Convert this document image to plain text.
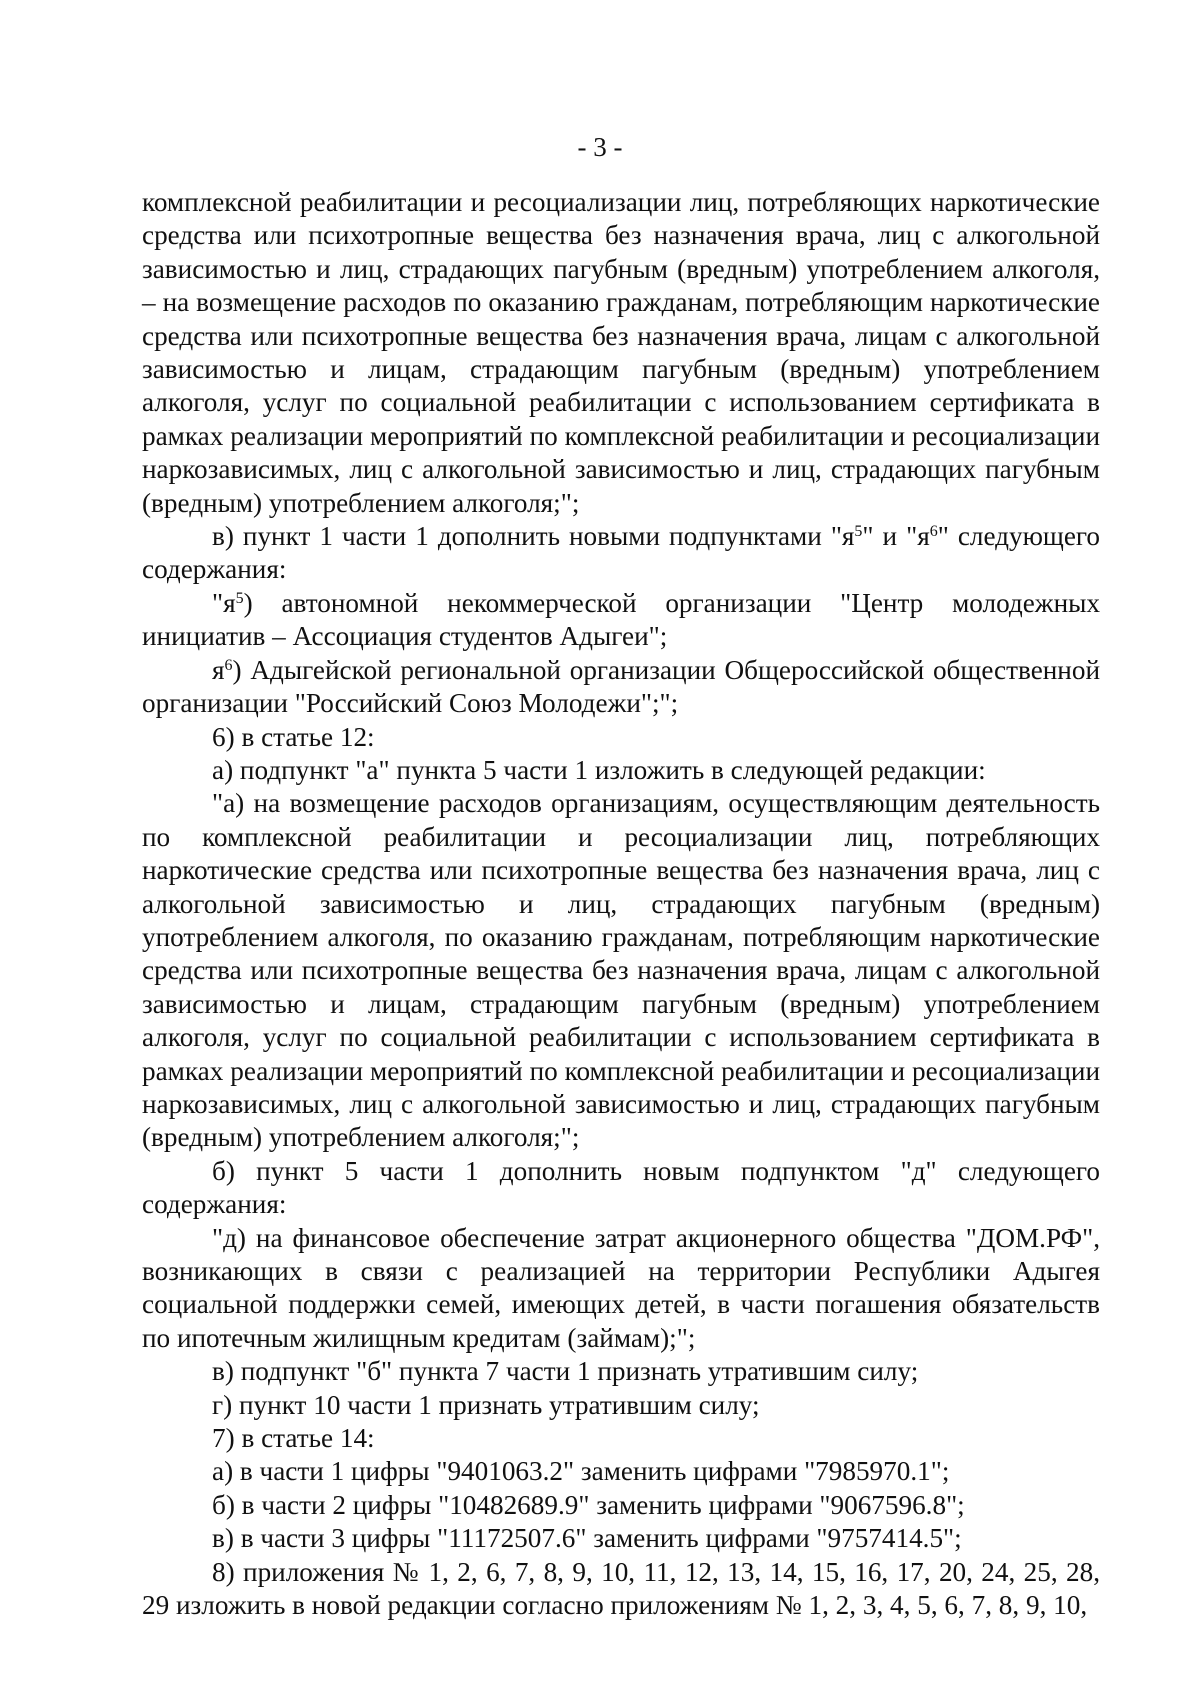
- 3 -

комплексной реабилитации и ресоциализации лиц, потребляющих наркотические средства или психотропные вещества без назначения врача, лиц с алкогольной зависимостью и лиц, страдающих пагубным (вредным) употреблением алкоголя, – на возмещение расходов по оказанию гражданам, потребляющим наркотические средства или психотропные вещества без назначения врача, лицам с алкогольной зависимостью и лицам, страдающим пагубным (вредным) употреблением алкоголя, услуг по социальной реабилитации с использованием сертификата в рамках реализации мероприятий по комплексной реабилитации и ресоциализации наркозависимых, лиц с алкогольной зависимостью и лиц, страдающих пагубным (вредным) употреблением алкоголя;";

в) пункт 1 части 1 дополнить новыми подпунктами "$я^5$" и "$я^6$" следующего содержания:

"$я^5$) автономной некоммерческой организации "Центр молодежных инициатив – Ассоциация студентов Адыгеи";

$я^6$) Адыгейской региональной организации Общероссийской общественной организации "Российский Союз Молодежи";";

6) в статье 12:

а) подпункт "а" пункта 5 части 1 изложить в следующей редакции:

"а) на возмещение расходов организациям, осуществляющим деятельность по комплексной реабилитации и ресоциализации лиц, потребляющих наркотические средства или психотропные вещества без назначения врача, лиц с алкогольной зависимостью и лиц, страдающих пагубным (вредным) употреблением алкоголя, по оказанию гражданам, потребляющим наркотические средства или психотропные вещества без назначения врача, лицам с алкогольной зависимостью и лицам, страдающим пагубным (вредным) употреблением алкоголя, услуг по социальной реабилитации с использованием сертификата в рамках реализации мероприятий по комплексной реабилитации и ресоциализации наркозависимых, лиц с алкогольной зависимостью и лиц, страдающих пагубным (вредным) употреблением алкоголя;";

б) пункт 5 части 1 дополнить новым подпунктом "д" следующего содержания:

"д) на финансовое обеспечение затрат акционерного общества "ДОМ.РФ", возникающих в связи с реализацией на территории Республики Адыгея социальной поддержки семей, имеющих детей, в части погашения обязательств по ипотечным жилищным кредитам (займам);";

в) подпункт "б" пункта 7 части 1 признать утратившим силу;

г) пункт 10 части 1 признать утратившим силу;

7) в статье 14:

а) в части 1 цифры "9401063.2" заменить цифрами "7985970.1";

б) в части 2 цифры "10482689.9" заменить цифрами "9067596.8";

в) в части 3 цифры "11172507.6" заменить цифрами "9757414.5";

8) приложения № 1, 2, 6, 7, 8, 9, 10, 11, 12, 13, 14, 15, 16, 17, 20, 24, 25, 28, 29 изложить в новой редакции согласно приложениям № 1, 2, 3, 4, 5, 6, 7, 8, 9, 10,
